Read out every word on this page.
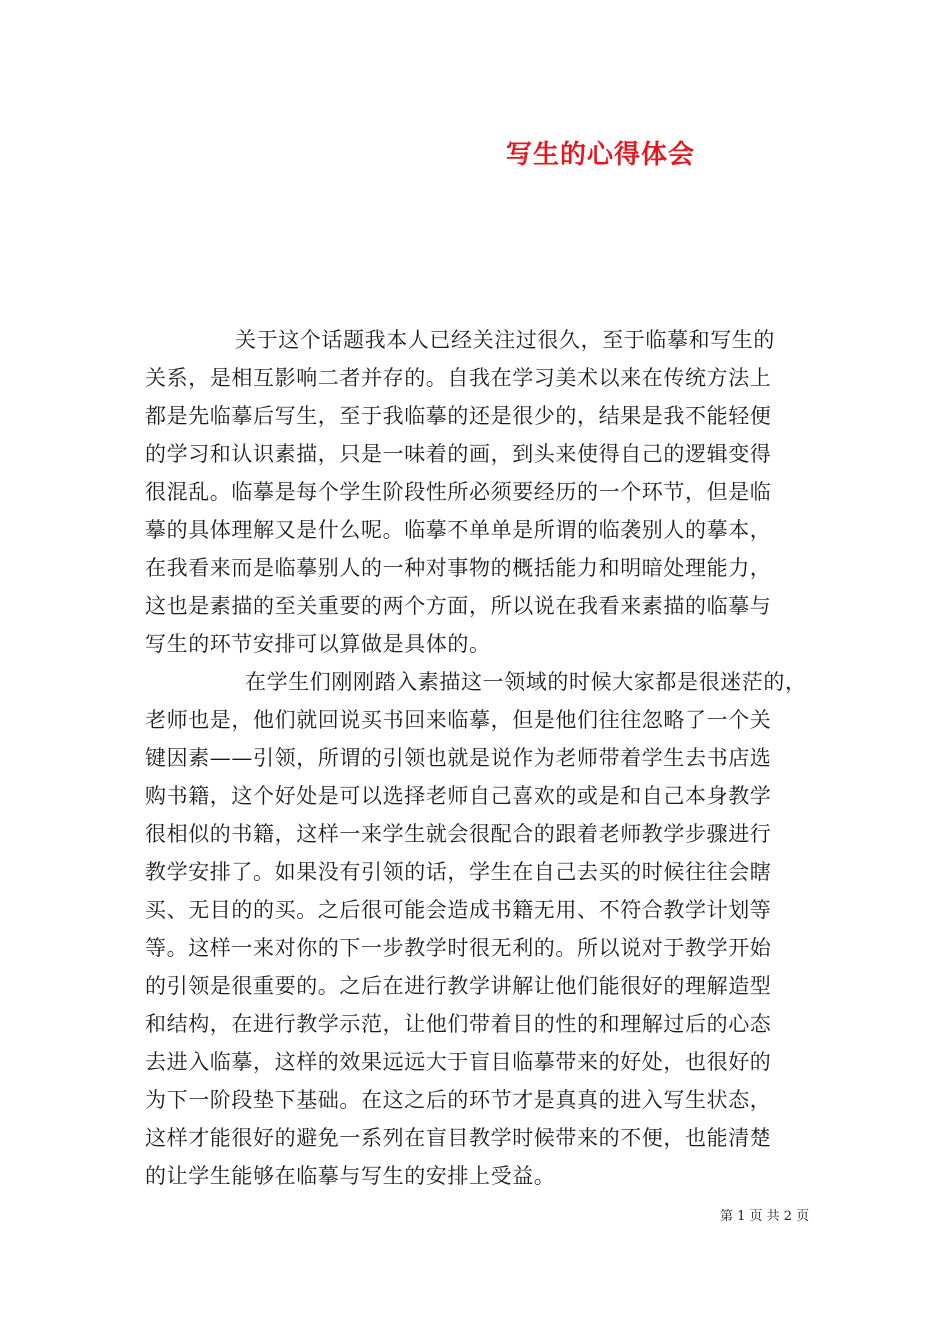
写生的心得体会
关于这个话题我本人已经关注过很久，至于临摹和写生的
关系，是相互影响二者并存的。自我在学习美术以来在传统方法上
都是先临摹后写生，至于我临摹的还是很少的，结果是我不能轻便
的学习和认识素描，只是一味着的画，到头来使得自己的逻辑变得
很混乱。临摹是每个学生阶段性所必须要经历的一个环节，但是临
摹的具体理解又是什么呢。临摹不单单是所谓的临袭别人的摹本，
在我看来而是临摹别人的一种对事物的概括能力和明暗处理能力，
这也是素描的至关重要的两个方面，所以说在我看来素描的临摹与
写生的环节安排可以算做是具体的。
在学生们刚刚踏入素描这一领域的时候大家都是很迷茫的，
老师也是，他们就回说买书回来临摹，但是他们往往忽略了一个关
键因素——引领，所谓的引领也就是说作为老师带着学生去书店选
购书籍，这个好处是可以选择老师自己喜欢的或是和自己本身教学
很相似的书籍，这样一来学生就会很配合的跟着老师教学步骤进行
教学安排了。如果没有引领的话，学生在自己去买的时候往往会瞎
买、无目的的买。之后很可能会造成书籍无用、不符合教学计划等
等。这样一来对你的下一步教学时很无利的。所以说对于教学开始
的引领是很重要的。之后在进行教学讲解让他们能很好的理解造型
和结构，在进行教学示范，让他们带着目的性的和理解过后的心态
去进入临摹，这样的效果远远大于盲目临摹带来的好处，也很好的
为下一阶段垫下基础。在这之后的环节才是真真的进入写生状态，
这样才能很好的避免一系列在盲目教学时候带来的不便，也能清楚
的让学生能够在临摹与写生的安排上受益。
第 1 页 共 2 页
